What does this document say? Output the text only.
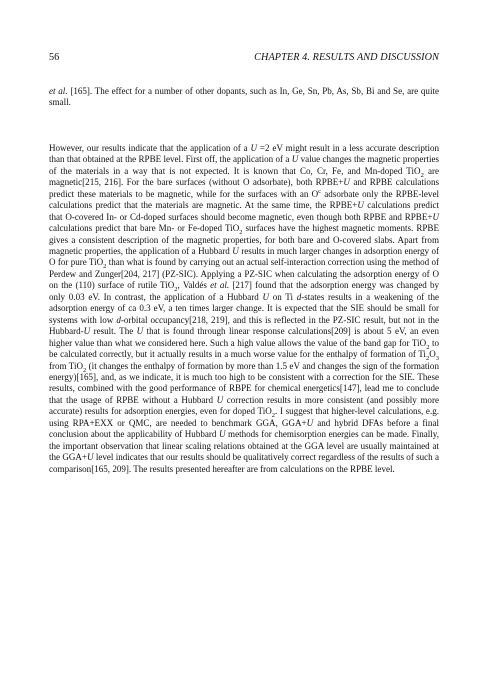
56	CHAPTER 4. RESULTS AND DISCUSSION

et al. [165]. The effect for a number of other dopants, such as In, Ge, Sn, Pb, As, Sb, Bi and Se, are quite small.

However, our results indicate that the application of a U =2 eV might result in a less accurate description than that obtained at the RPBE level. First off, the application of a U value changes the magnetic properties of the materials in a way that is not expected. It is known that Co, Cr, Fe, and Mn-doped TiO$_2$ are magnetic[215, 216]. For the bare surfaces (without O adsorbate), both RPBE+U and RPBE calculations predict these materials to be magnetic, while for the surfaces with an $O^c$ adsorbate only the RPBE-level calculations predict that the materials are magnetic. At the same time, the RPBE+U calculations predict that O-covered In- or Cd-doped surfaces should become magnetic, even though both RPBE and RPBE+U calculations predict that bare Mn- or Fe-doped TiO$_2$ surfaces have the highest magnetic moments. RPBE gives a consistent description of the magnetic properties, for both bare and O-covered slabs. Apart from magnetic properties, the application of a Hubbard U results in much larger changes in adsorption energy of O for pure TiO$_2$ than what is found by carrying out an actual self-interaction correction using the method of Perdew and Zunger[204, 217] (PZ-SIC). Applying a PZ-SIC when calculating the adsorption energy of O on the (110) surface of rutile TiO$_2$, Valdés et al. [217] found that the adsorption energy was changed by only 0.03 eV. In contrast, the application of a Hubbard U on Ti d-states results in a weakening of the adsorption energy of ca 0.3 eV, a ten times larger change. It is expected that the SIE should be small for systems with low d-orbital occupancy[218, 219], and this is reflected in the PZ-SIC result, but not in the Hubbard-U result. The U that is found through linear response calculations[209] is about 5 eV, an even higher value than what we considered here. Such a high value allows the value of the band gap for TiO$_2$ to be calculated correctly, but it actually results in a much worse value for the enthalpy of formation of $Ti_2O_3$ from TiO$_2$ (it changes the enthalpy of formation by more than 1.5 eV and changes the sign of the formation energy)[165], and, as we indicate, it is much too high to be consistent with a correction for the SIE. These results, combined with the good performance of RBPE for chemical energetics[147], lead me to conclude that the usage of RPBE without a Hubbard U correction results in more consistent (and possibly more accurate) results for adsorption energies, even for doped TiO$_2$. I suggest that higher-level calculations, e.g. using RPA+EXX or QMC, are needed to benchmark GGA, GGA+U and hybrid DFAs before a final conclusion about the applicability of Hubbard U methods for chemisorption energies can be made. Finally, the important observation that linear scaling relations obtained at the GGA level are usually maintained at the GGA+U level indicates that our results should be qualitatively correct regardless of the results of such a comparison[165, 209]. The results presented hereafter are from calculations on the RPBE level.
